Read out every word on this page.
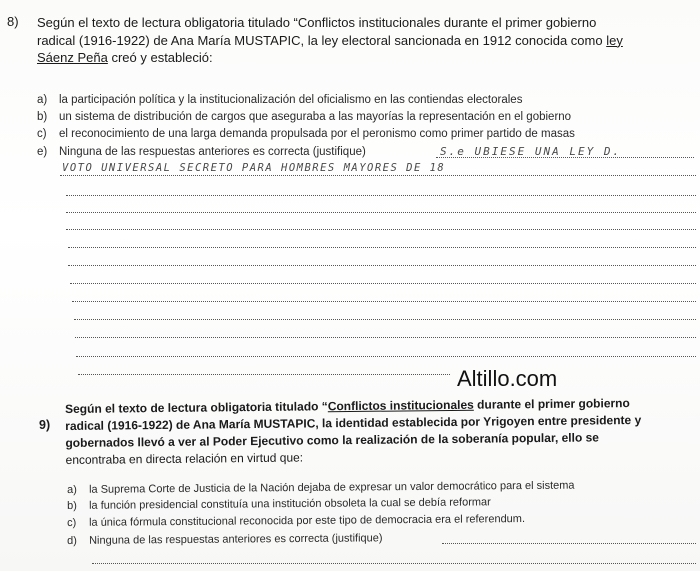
8) Según el texto de lectura obligatoria titulado “Conflictos institucionales durante el primer gobierno
radical (1916-1922) de Ana María MUSTAPIC, la ley electoral sancionada en 1912 conocida como ley
Sáenz Peña creó y estableció:
a) la participación política y la institucionalización del oficialismo en las contiendas electorales
b) un sistema de distribución de cargos que aseguraba a las mayorías la representación en el gobierno
c) el reconocimiento de una larga demanda propulsada por el peronismo como primer partido de masas
e) Ninguna de las respuestas anteriores es correcta (justifique)	S.e UBIESE UNA LEY D.
VOTO UNIVERSAL SECRETO PARA HOMBRES MAYORES DE 18
Altillo.com
9)
Según el texto de lectura obligatoria titulado “Conflictos institucionales durante el primer gobierno
radical (1916-1922) de Ana María MUSTAPIC, la identidad establecida por Yrigoyen entre presidente y
gobernados llevó a ver al Poder Ejecutivo como la realización de la soberanía popular, ello se
encontraba en directa relación en virtud que:
a) la Suprema Corte de Justicia de la Nación dejaba de expresar un valor democrático para el sistema
b) la función presidencial constituía una institución obsoleta la cual se debía reformar
c) la única fórmula constitucional reconocida por este tipo de democracia era el referendum.
d) Ninguna de las respuestas anteriores es correcta (justifique)
